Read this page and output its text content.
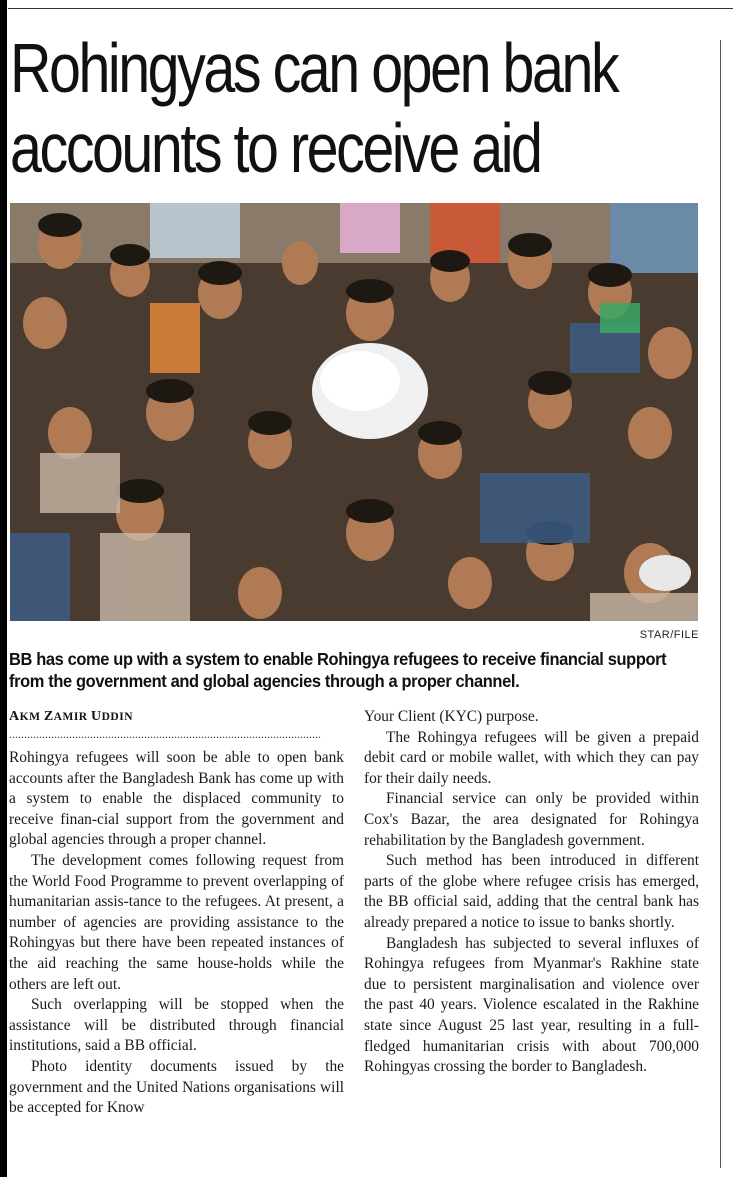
Rohingyas can open bank accounts to receive aid
STAR/FILE

BB has come up with a system to enable Rohingya refugees to receive financial support from the government and global agencies through a proper channel.

AKM ZAMIR UDDIN
........................................................................................................

Rohingya refugees will soon be able to open bank accounts after the Bangladesh Bank has come up with a system to enable the displaced community to receive finan-cial support from the government and global agencies through a proper channel.

The development comes following request from the World Food Programme to prevent overlapping of humanitarian assis-tance to the refugees. At present, a number of agencies are providing assistance to the Rohingyas but there have been repeated instances of the aid reaching the same house-holds while the others are left out.

Such overlapping will be stopped when the assistance will be distributed through financial institutions, said a BB official.

Photo identity documents issued by the government and the United Nations organisations will be accepted for Know

Your Client (KYC) purpose.

The Rohingya refugees will be given a prepaid debit card or mobile wallet, with which they can pay for their daily needs.

Financial service can only be provided within Cox's Bazar, the area designated for Rohingya rehabilitation by the Bangladesh government.

Such method has been introduced in different parts of the globe where refugee crisis has emerged, the BB official said, adding that the central bank has already prepared a notice to issue to banks shortly.

Bangladesh has subjected to several influxes of Rohingya refugees from Myanmar's Rakhine state due to persistent marginalisation and violence over the past 40 years. Violence escalated in the Rakhine state since August 25 last year, resulting in a full-fledged humanitarian crisis with about 700,000 Rohingyas crossing the border to Bangladesh.
